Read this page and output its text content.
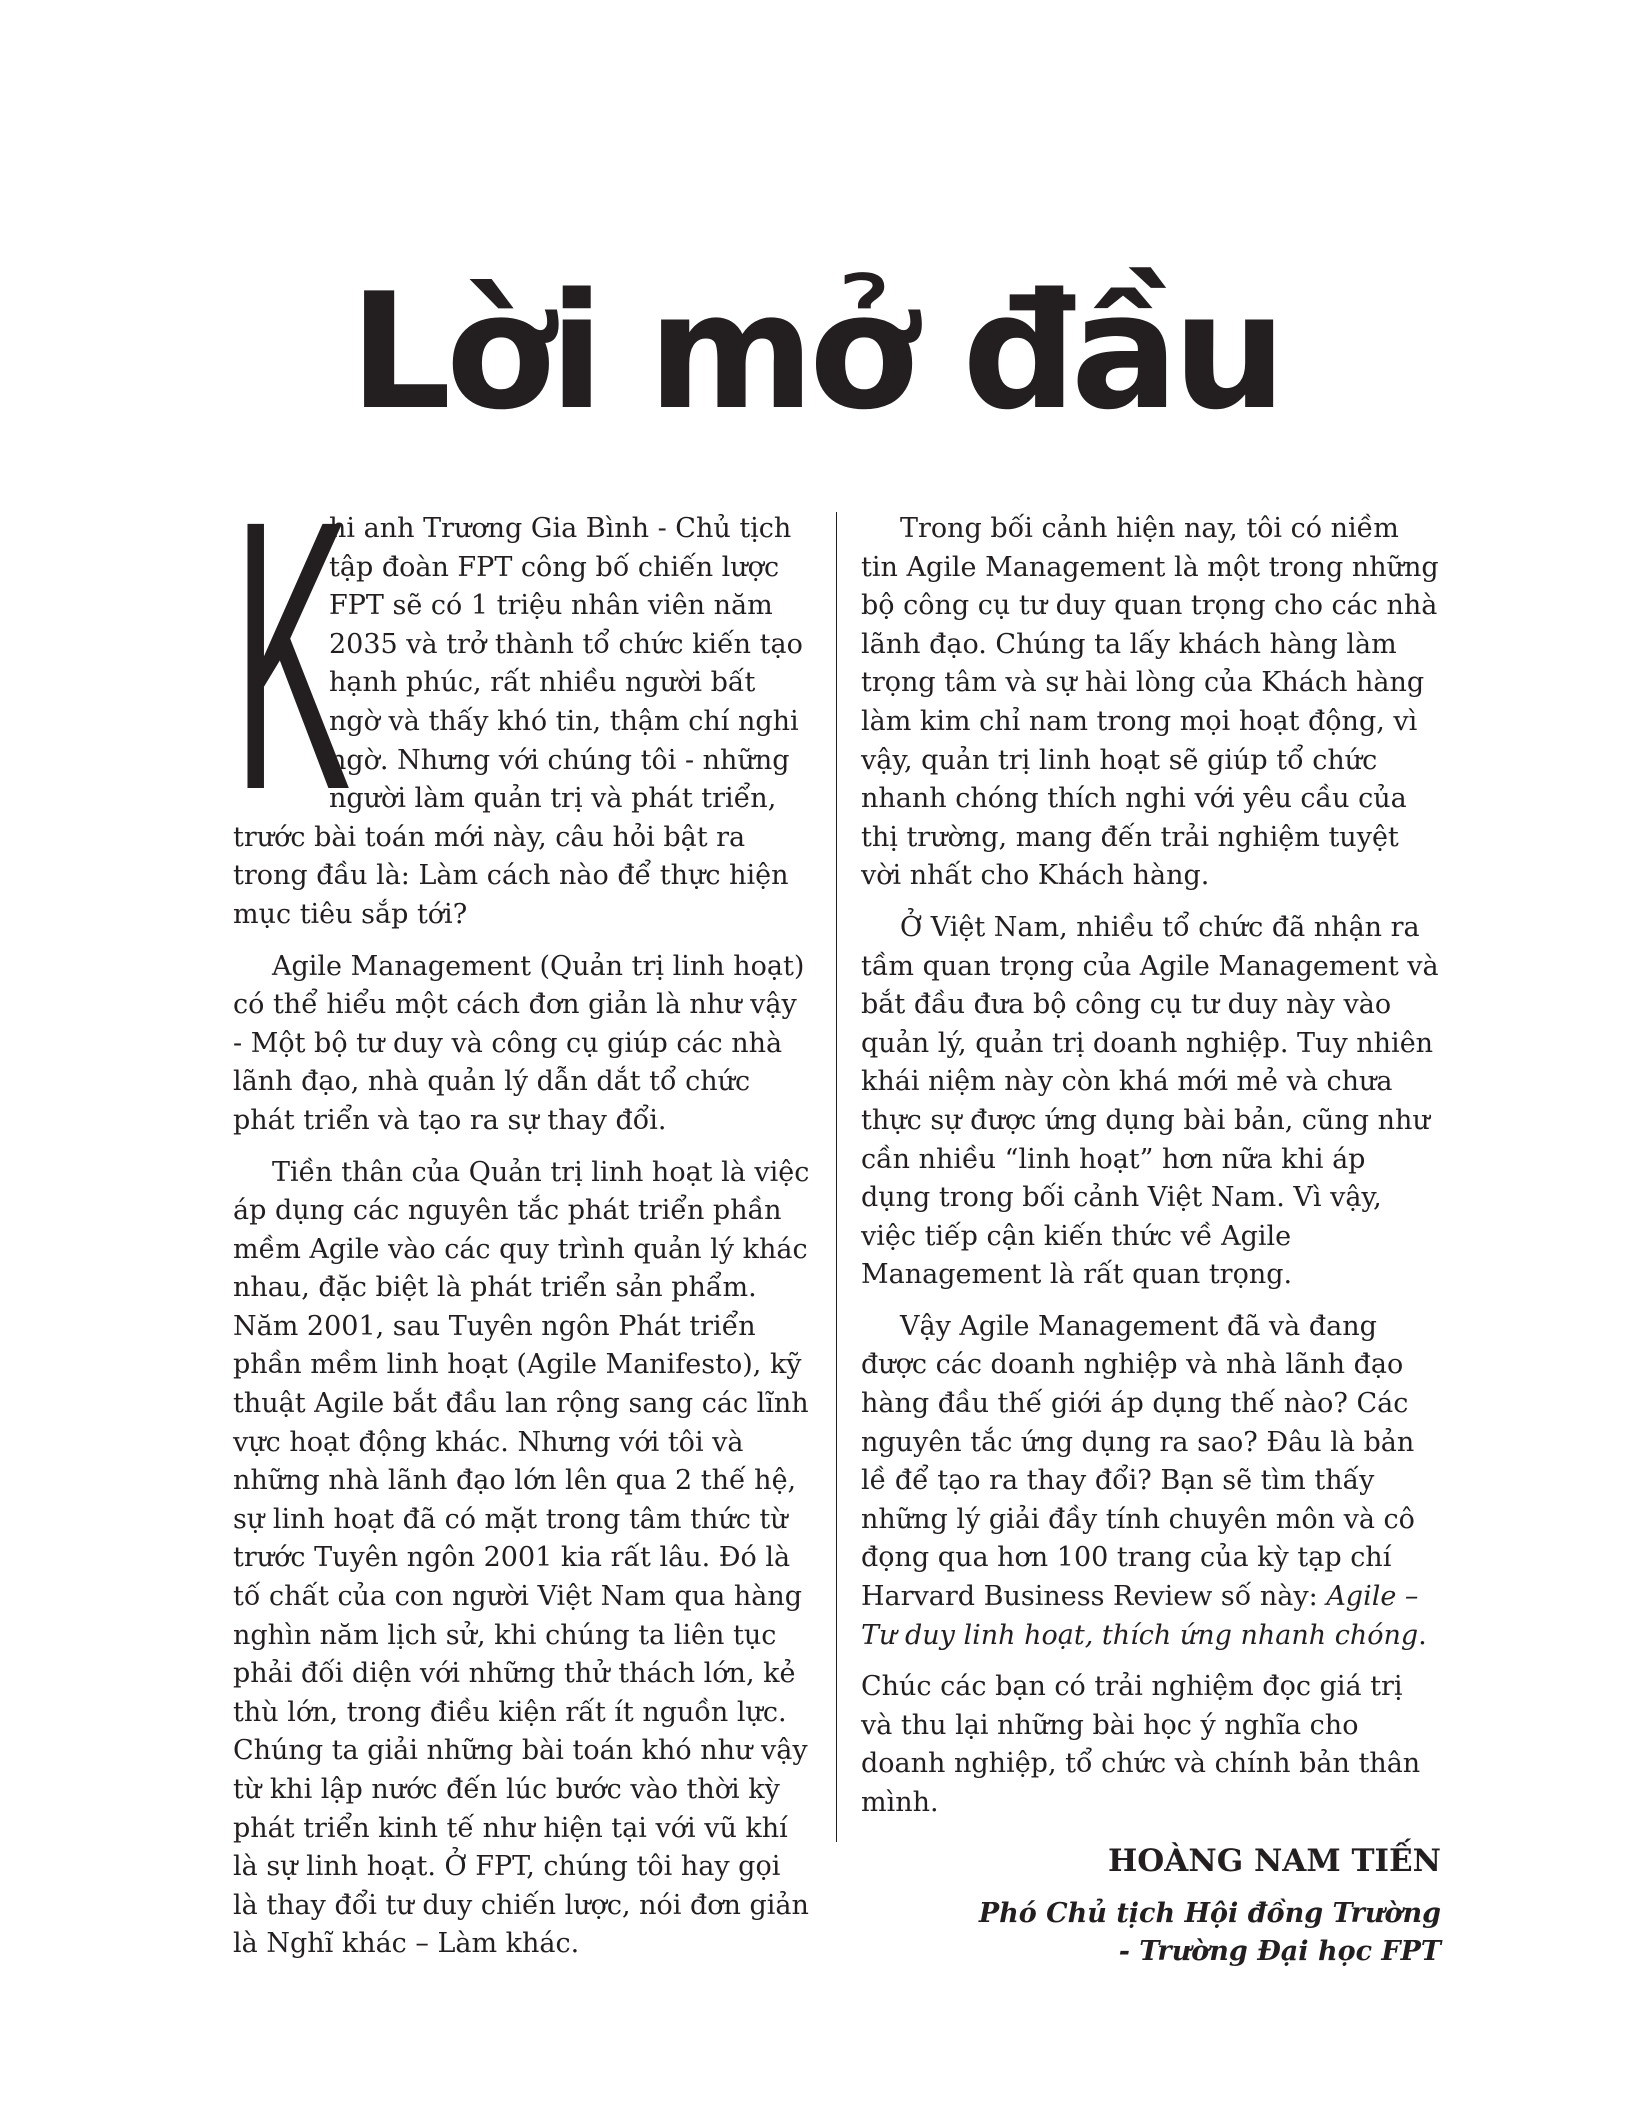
Lời mở đầu

K
hi anh Trương Gia Bình - Chủ tịch tập đoàn FPT công bố chiến lược FPT sẽ có 1 triệu nhân viên năm 2035 và trở thành tổ chức kiến tạo hạnh phúc, rất nhiều người bất ngờ và thấy khó tin, thậm chí nghi ngờ. Nhưng với chúng tôi - những người làm quản trị và phát triển, trước bài toán mới này, câu hỏi bật ra trong đầu là: Làm cách nào để thực hiện mục tiêu sắp tới?

Agile Management (Quản trị linh hoạt) có thể hiểu một cách đơn giản là như vậy - Một bộ tư duy và công cụ giúp các nhà lãnh đạo, nhà quản lý dẫn dắt tổ chức phát triển và tạo ra sự thay đổi.

Tiền thân của Quản trị linh hoạt là việc áp dụng các nguyên tắc phát triển phần mềm Agile vào các quy trình quản lý khác nhau, đặc biệt là phát triển sản phẩm. Năm 2001, sau Tuyên ngôn Phát triển phần mềm linh hoạt (Agile Manifesto), kỹ thuật Agile bắt đầu lan rộng sang các lĩnh vực hoạt động khác. Nhưng với tôi và những nhà lãnh đạo lớn lên qua 2 thế hệ, sự linh hoạt đã có mặt trong tâm thức từ trước Tuyên ngôn 2001 kia rất lâu. Đó là tố chất của con người Việt Nam qua hàng nghìn năm lịch sử, khi chúng ta liên tục phải đối diện với những thử thách lớn, kẻ thù lớn, trong điều kiện rất ít nguồn lực. Chúng ta giải những bài toán khó như vậy từ khi lập nước đến lúc bước vào thời kỳ phát triển kinh tế như hiện tại với vũ khí là sự linh hoạt. Ở FPT, chúng tôi hay gọi là thay đổi tư duy chiến lược, nói đơn giản là Nghĩ khác – Làm khác.

Trong bối cảnh hiện nay, tôi có niềm tin Agile Management là một trong những bộ công cụ tư duy quan trọng cho các nhà lãnh đạo. Chúng ta lấy khách hàng làm trọng tâm và sự hài lòng của Khách hàng làm kim chỉ nam trong mọi hoạt động, vì vậy, quản trị linh hoạt sẽ giúp tổ chức nhanh chóng thích nghi với yêu cầu của thị trường, mang đến trải nghiệm tuyệt vời nhất cho Khách hàng.

Ở Việt Nam, nhiều tổ chức đã nhận ra tầm quan trọng của Agile Management và bắt đầu đưa bộ công cụ tư duy này vào quản lý, quản trị doanh nghiệp. Tuy nhiên khái niệm này còn khá mới mẻ và chưa thực sự được ứng dụng bài bản, cũng như cần nhiều “linh hoạt” hơn nữa khi áp dụng trong bối cảnh Việt Nam. Vì vậy, việc tiếp cận kiến thức về Agile Management là rất quan trọng.

Vậy Agile Management đã và đang được các doanh nghiệp và nhà lãnh đạo hàng đầu thế giới áp dụng thế nào? Các nguyên tắc ứng dụng ra sao? Đâu là bản lề để tạo ra thay đổi? Bạn sẽ tìm thấy những lý giải đầy tính chuyên môn và cô đọng qua hơn 100 trang của kỳ tạp chí Harvard Business Review số này: Agile – Tư duy linh hoạt, thích ứng nhanh chóng.

Chúc các bạn có trải nghiệm đọc giá trị và thu lại những bài học ý nghĩa cho doanh nghiệp, tổ chức và chính bản thân mình.

HOÀNG NAM TIẾN
Phó Chủ tịch Hội đồng Trường
- Trường Đại học FPT
